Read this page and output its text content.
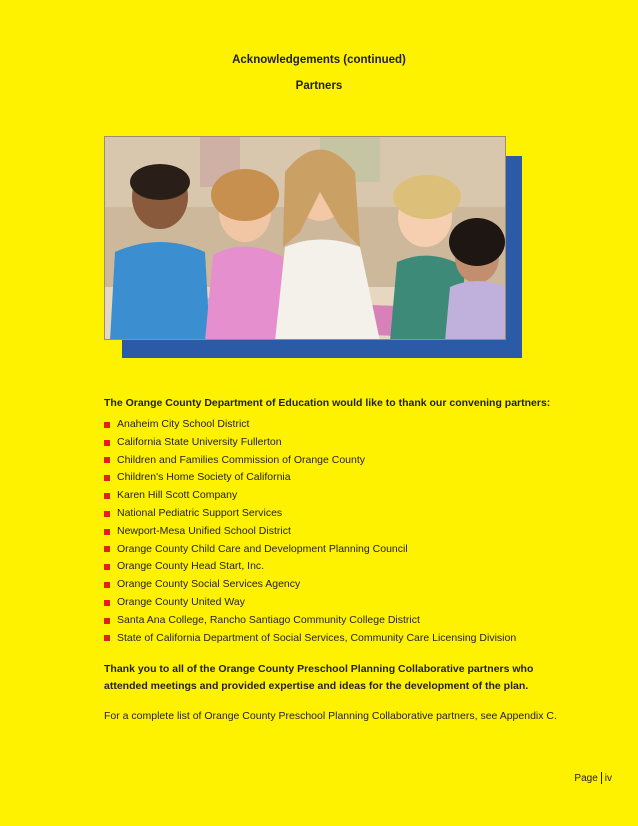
Acknowledgements (continued)
Partners
The Orange County Department of Education would like to thank our convening partners:
Anaheim City School District
California State University Fullerton
Children and Families Commission of Orange County
Children's Home Society of California
Karen Hill Scott Company
National Pediatric Support Services
Newport-Mesa Unified School District
Orange County Child Care and Development Planning Council
Orange County Head Start, Inc.
Orange County Social Services Agency
Orange County United Way
Santa Ana College, Rancho Santiago Community College District
State of California Department of Social Services, Community Care Licensing Division
Thank you to all of the Orange County Preschool Planning Collaborative partners who attended meetings and provided expertise and ideas for the development of the plan.
For a complete list of Orange County Preschool Planning Collaborative partners, see Appendix C.
Page iv
